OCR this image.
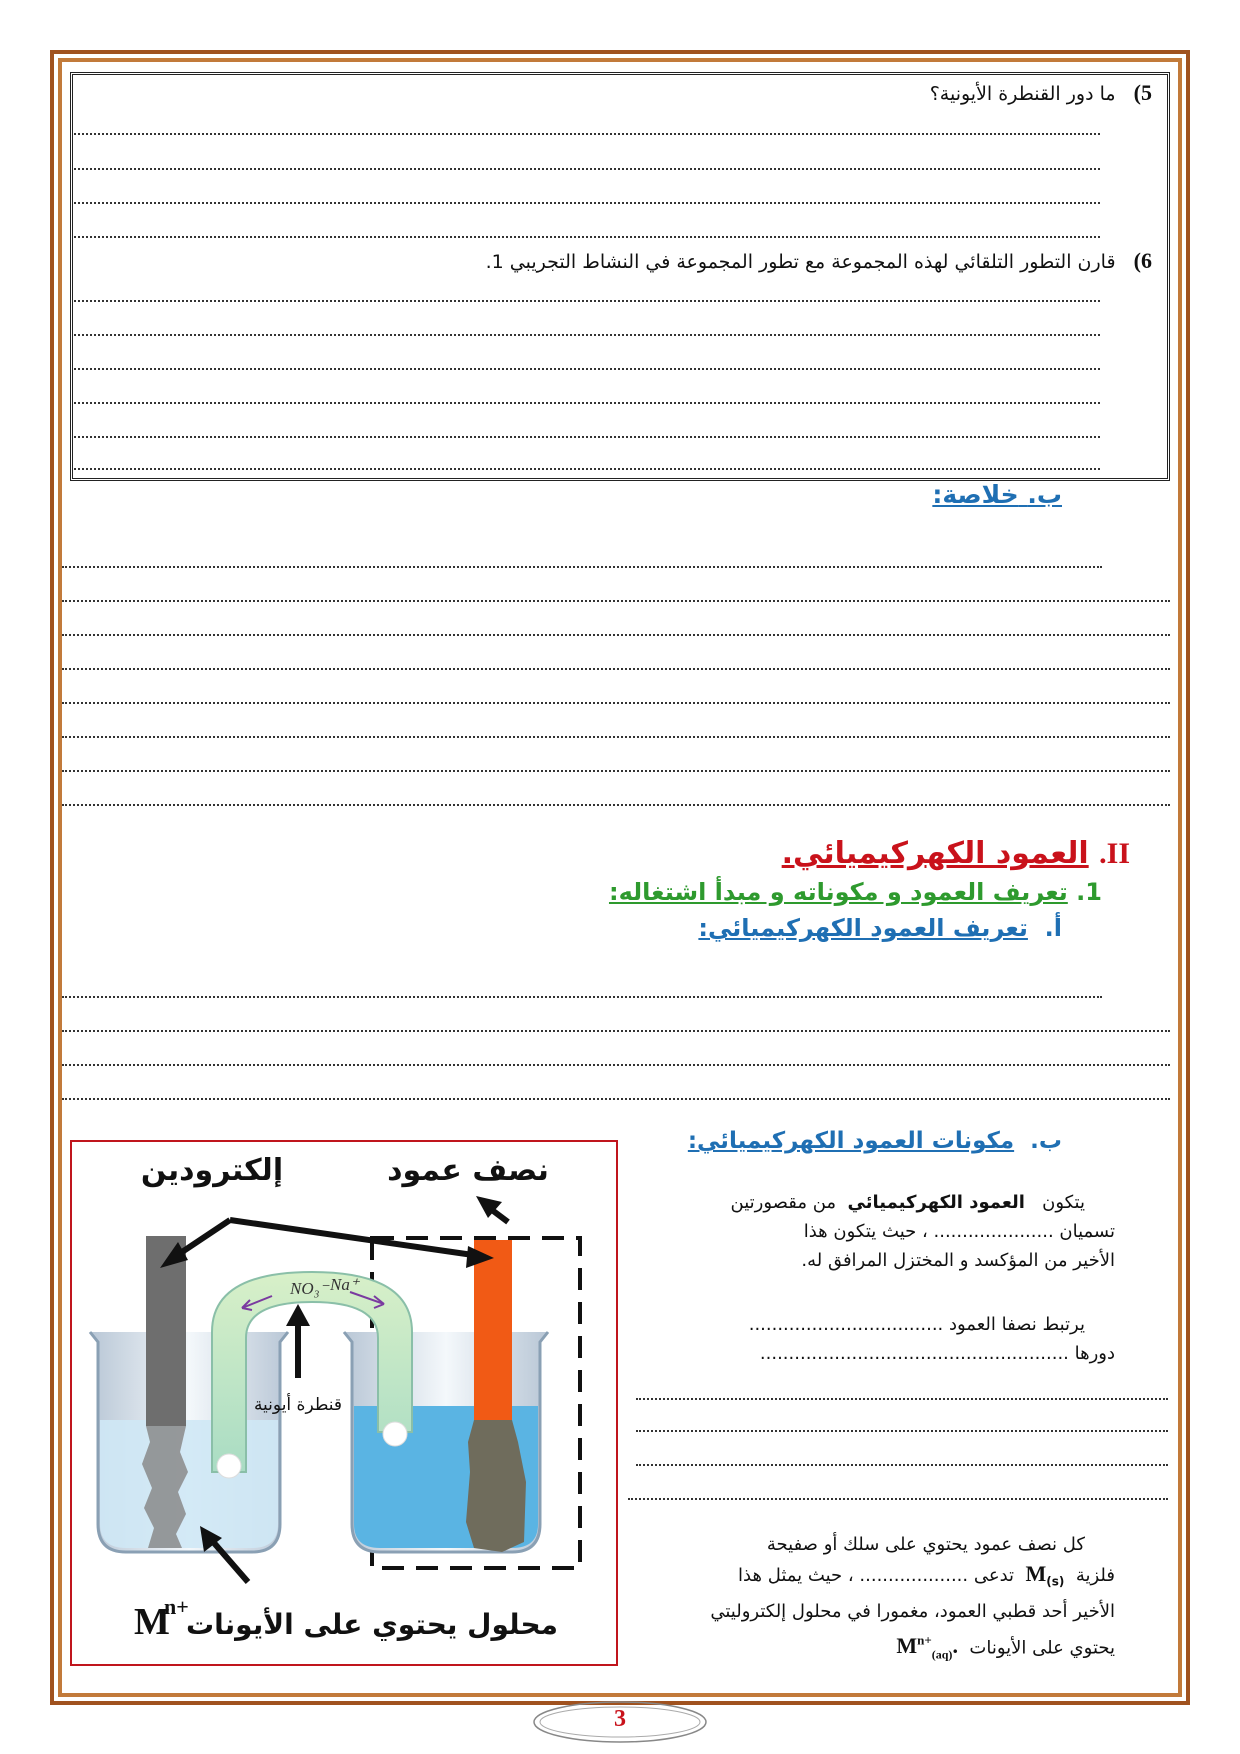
5)   ما دور القنطرة الأيونية؟
6)   قارن التطور التلقائي لهذه المجموعة مع تطور المجموعة في النشاط التجريبي 1.
ب. خلاصة:
II. العمود الكهركيميائي.
1. تعريف العمود و مكوناته و مبدأ اشتغاله:
أ.  تعريف العمود الكهركيميائي:
ب.  مكونات العمود الكهركيميائي:
يتكون   العمود الكهركيميائي  من مقصورتين
تسميان ..................... ، حيث يتكون هذا
الأخير من المؤكسد و المختزل المرافق له.
يرتبط نصفا العمود ..................................
دورها ......................................................
كل نصف عمود يحتوي على سلك أو صفيحة
فلزية  $M_{(s)}$  تدعى ................... ، حيث يمثل هذا
الأخير أحد قطبي العمود، مغمورا في محلول إلكتروليتي
يحتوي على الأيونات  $M^{n+}_{(aq)}$.
NO₃⁻ Na⁺
إلكترودين	نصف عمود
قنطرة أيونية
محلول يحتوي على الأيونات
M
n+
3
